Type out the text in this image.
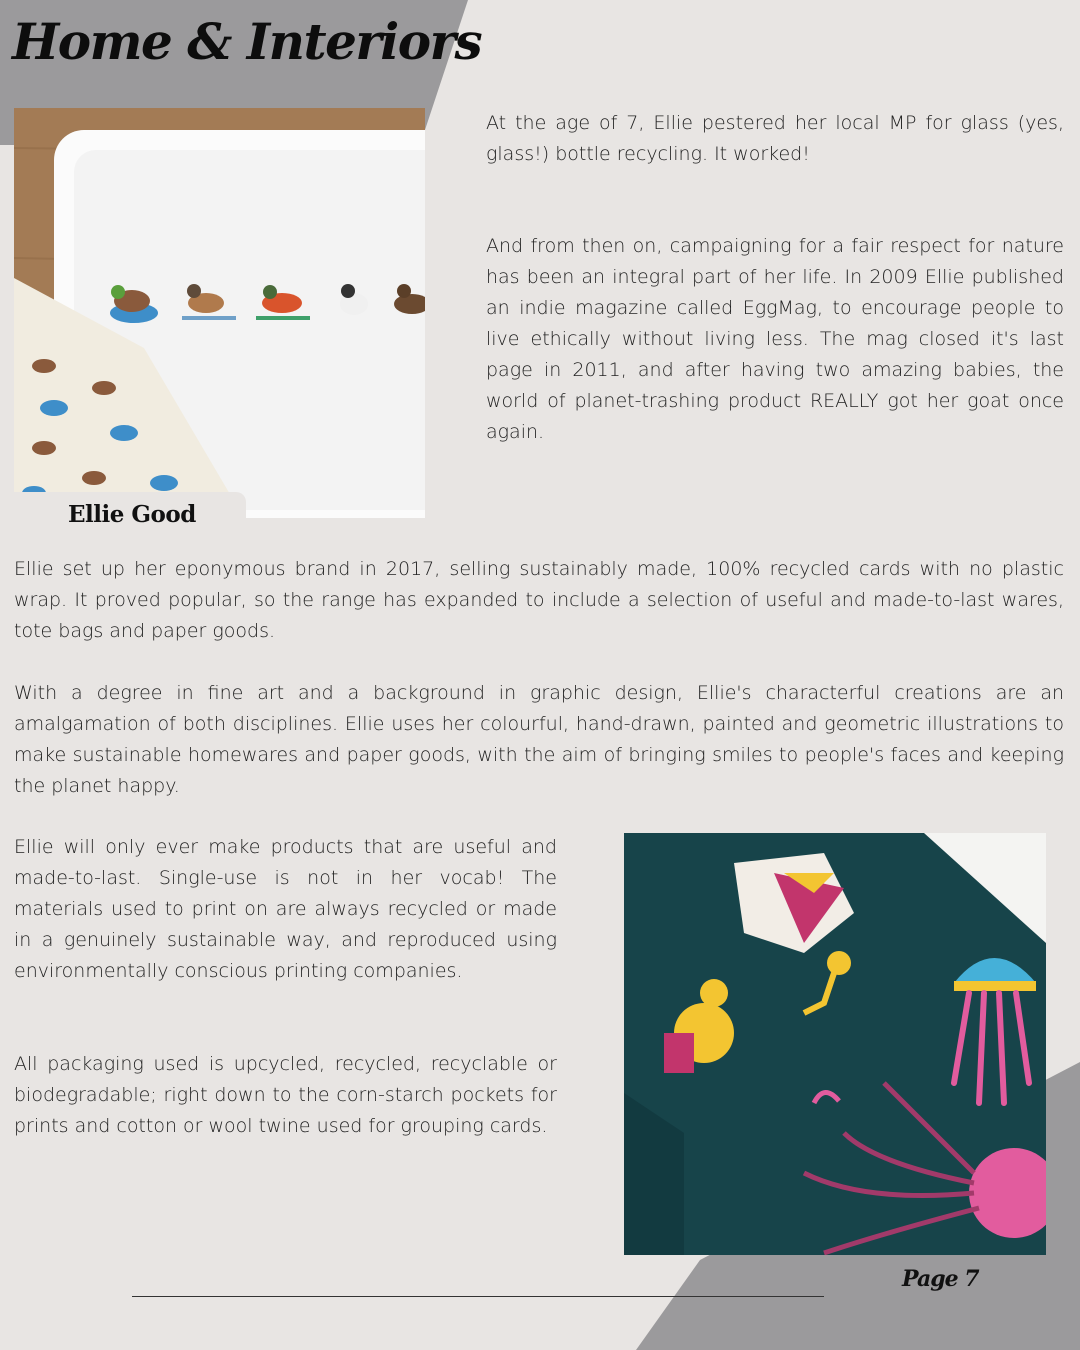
Home & Interiors

Ellie Good

At the age of 7, Ellie pestered her local MP for glass (yes, glass!) bottle recycling. It worked!

And from then on, campaigning for a fair respect for nature has been an integral part of her life. In 2009 Ellie published an indie magazine called EggMag, to encourage people to live ethically without living less. The mag closed it's last page in 2011, and after having two amazing babies, the world of planet-trashing product REALLY got her goat once again.

Ellie set up her eponymous brand in 2017, selling sustainably made, 100% recycled cards with no plastic wrap. It proved popular, so the range has expanded to include a selection of useful and made-to-last wares, tote bags and paper goods.

With a degree in fine art and a background in graphic design, Ellie's characterful creations are an amalgamation of both disciplines. Ellie uses her colourful, hand-drawn, painted and geometric illustrations to make sustainable homewares and paper goods, with the aim of bringing smiles to people's faces and keeping the planet happy.

Ellie will only ever make products that are useful and made-to-last. Single-use is not in her vocab! The materials used to print on are always recycled or made in a genuinely sustainable way, and reproduced using environmentally conscious printing companies.

All packaging used is upcycled, recycled, recyclable or biodegradable; right down to the corn-starch pockets for prints and cotton or wool twine used for grouping cards.

Page 7
